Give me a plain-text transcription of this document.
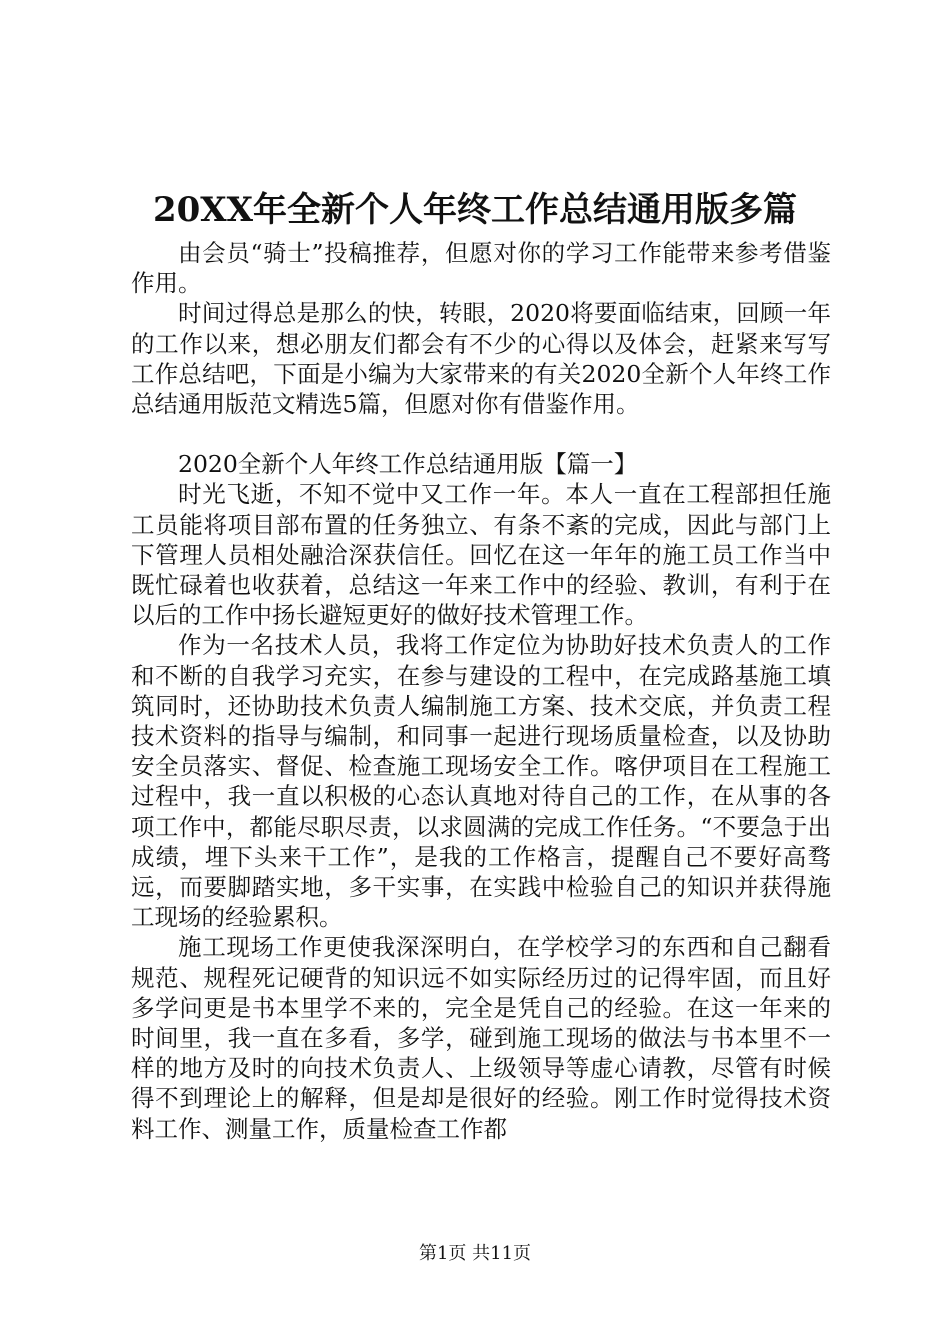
20XX年全新个人年终工作总结通用版多篇

由会员“骑士”投稿推荐，但愿对你的学习工作能带来参考借鉴作用。

时间过得总是那么的快，转眼，2020将要面临结束，回顾一年的工作以来，想必朋友们都会有不少的心得以及体会，赶紧来写写工作总结吧，下面是小编为大家带来的有关2020全新个人年终工作总结通用版范文精选5篇，但愿对你有借鉴作用。

2020全新个人年终工作总结通用版【篇一】

时光飞逝，不知不觉中又工作一年。本人一直在工程部担任施工员能将项目部布置的任务独立、有条不紊的完成，因此与部门上下管理人员相处融洽深获信任。回忆在这一年年的施工员工作当中既忙碌着也收获着，总结这一年来工作中的经验、教训，有利于在以后的工作中扬长避短更好的做好技术管理工作。

作为一名技术人员，我将工作定位为协助好技术负责人的工作和不断的自我学习充实，在参与建设的工程中，在完成路基施工填筑同时，还协助技术负责人编制施工方案、技术交底，并负责工程技术资料的指导与编制，和同事一起进行现场质量检查，以及协助安全员落实、督促、检查施工现场安全工作。喀伊项目在工程施工过程中，我一直以积极的心态认真地对待自己的工作，在从事的各项工作中，都能尽职尽责，以求圆满的完成工作任务。“不要急于出成绩，埋下头来干工作”，是我的工作格言，提醒自己不要好高骛远，而要脚踏实地，多干实事，在实践中检验自己的知识并获得施工现场的经验累积。

施工现场工作更使我深深明白，在学校学习的东西和自己翻看规范、规程死记硬背的知识远不如实际经历过的记得牢固，而且好多学问更是书本里学不来的，完全是凭自己的经验。在这一年来的时间里，我一直在多看，多学，碰到施工现场的做法与书本里不一样的地方及时的向技术负责人、上级领导等虚心请教，尽管有时候得不到理论上的解释，但是却是很好的经验。刚工作时觉得技术资料工作、测量工作，质量检查工作都

第1页 共11页
